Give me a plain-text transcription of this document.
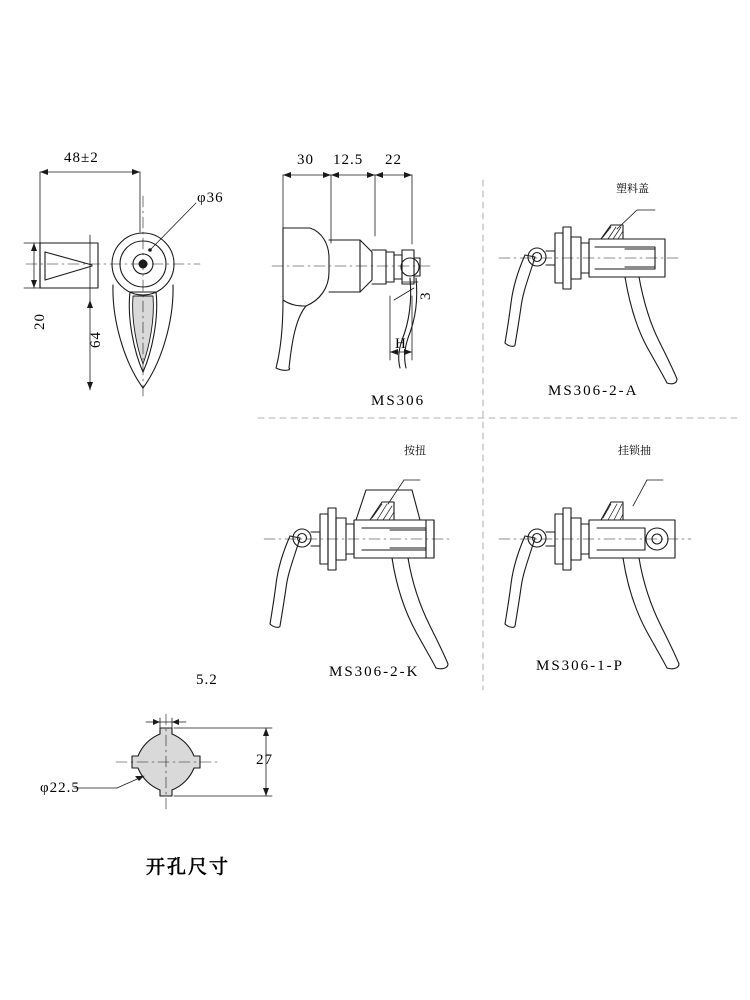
48±2
φ36
20
64
30 12.5 22
3
H
MS306
塑料盖
MS306-2-A
按扭
MS306-2-K
挂锁抽
MS306-1-P
5.2
27
φ22.5
开孔尺寸
